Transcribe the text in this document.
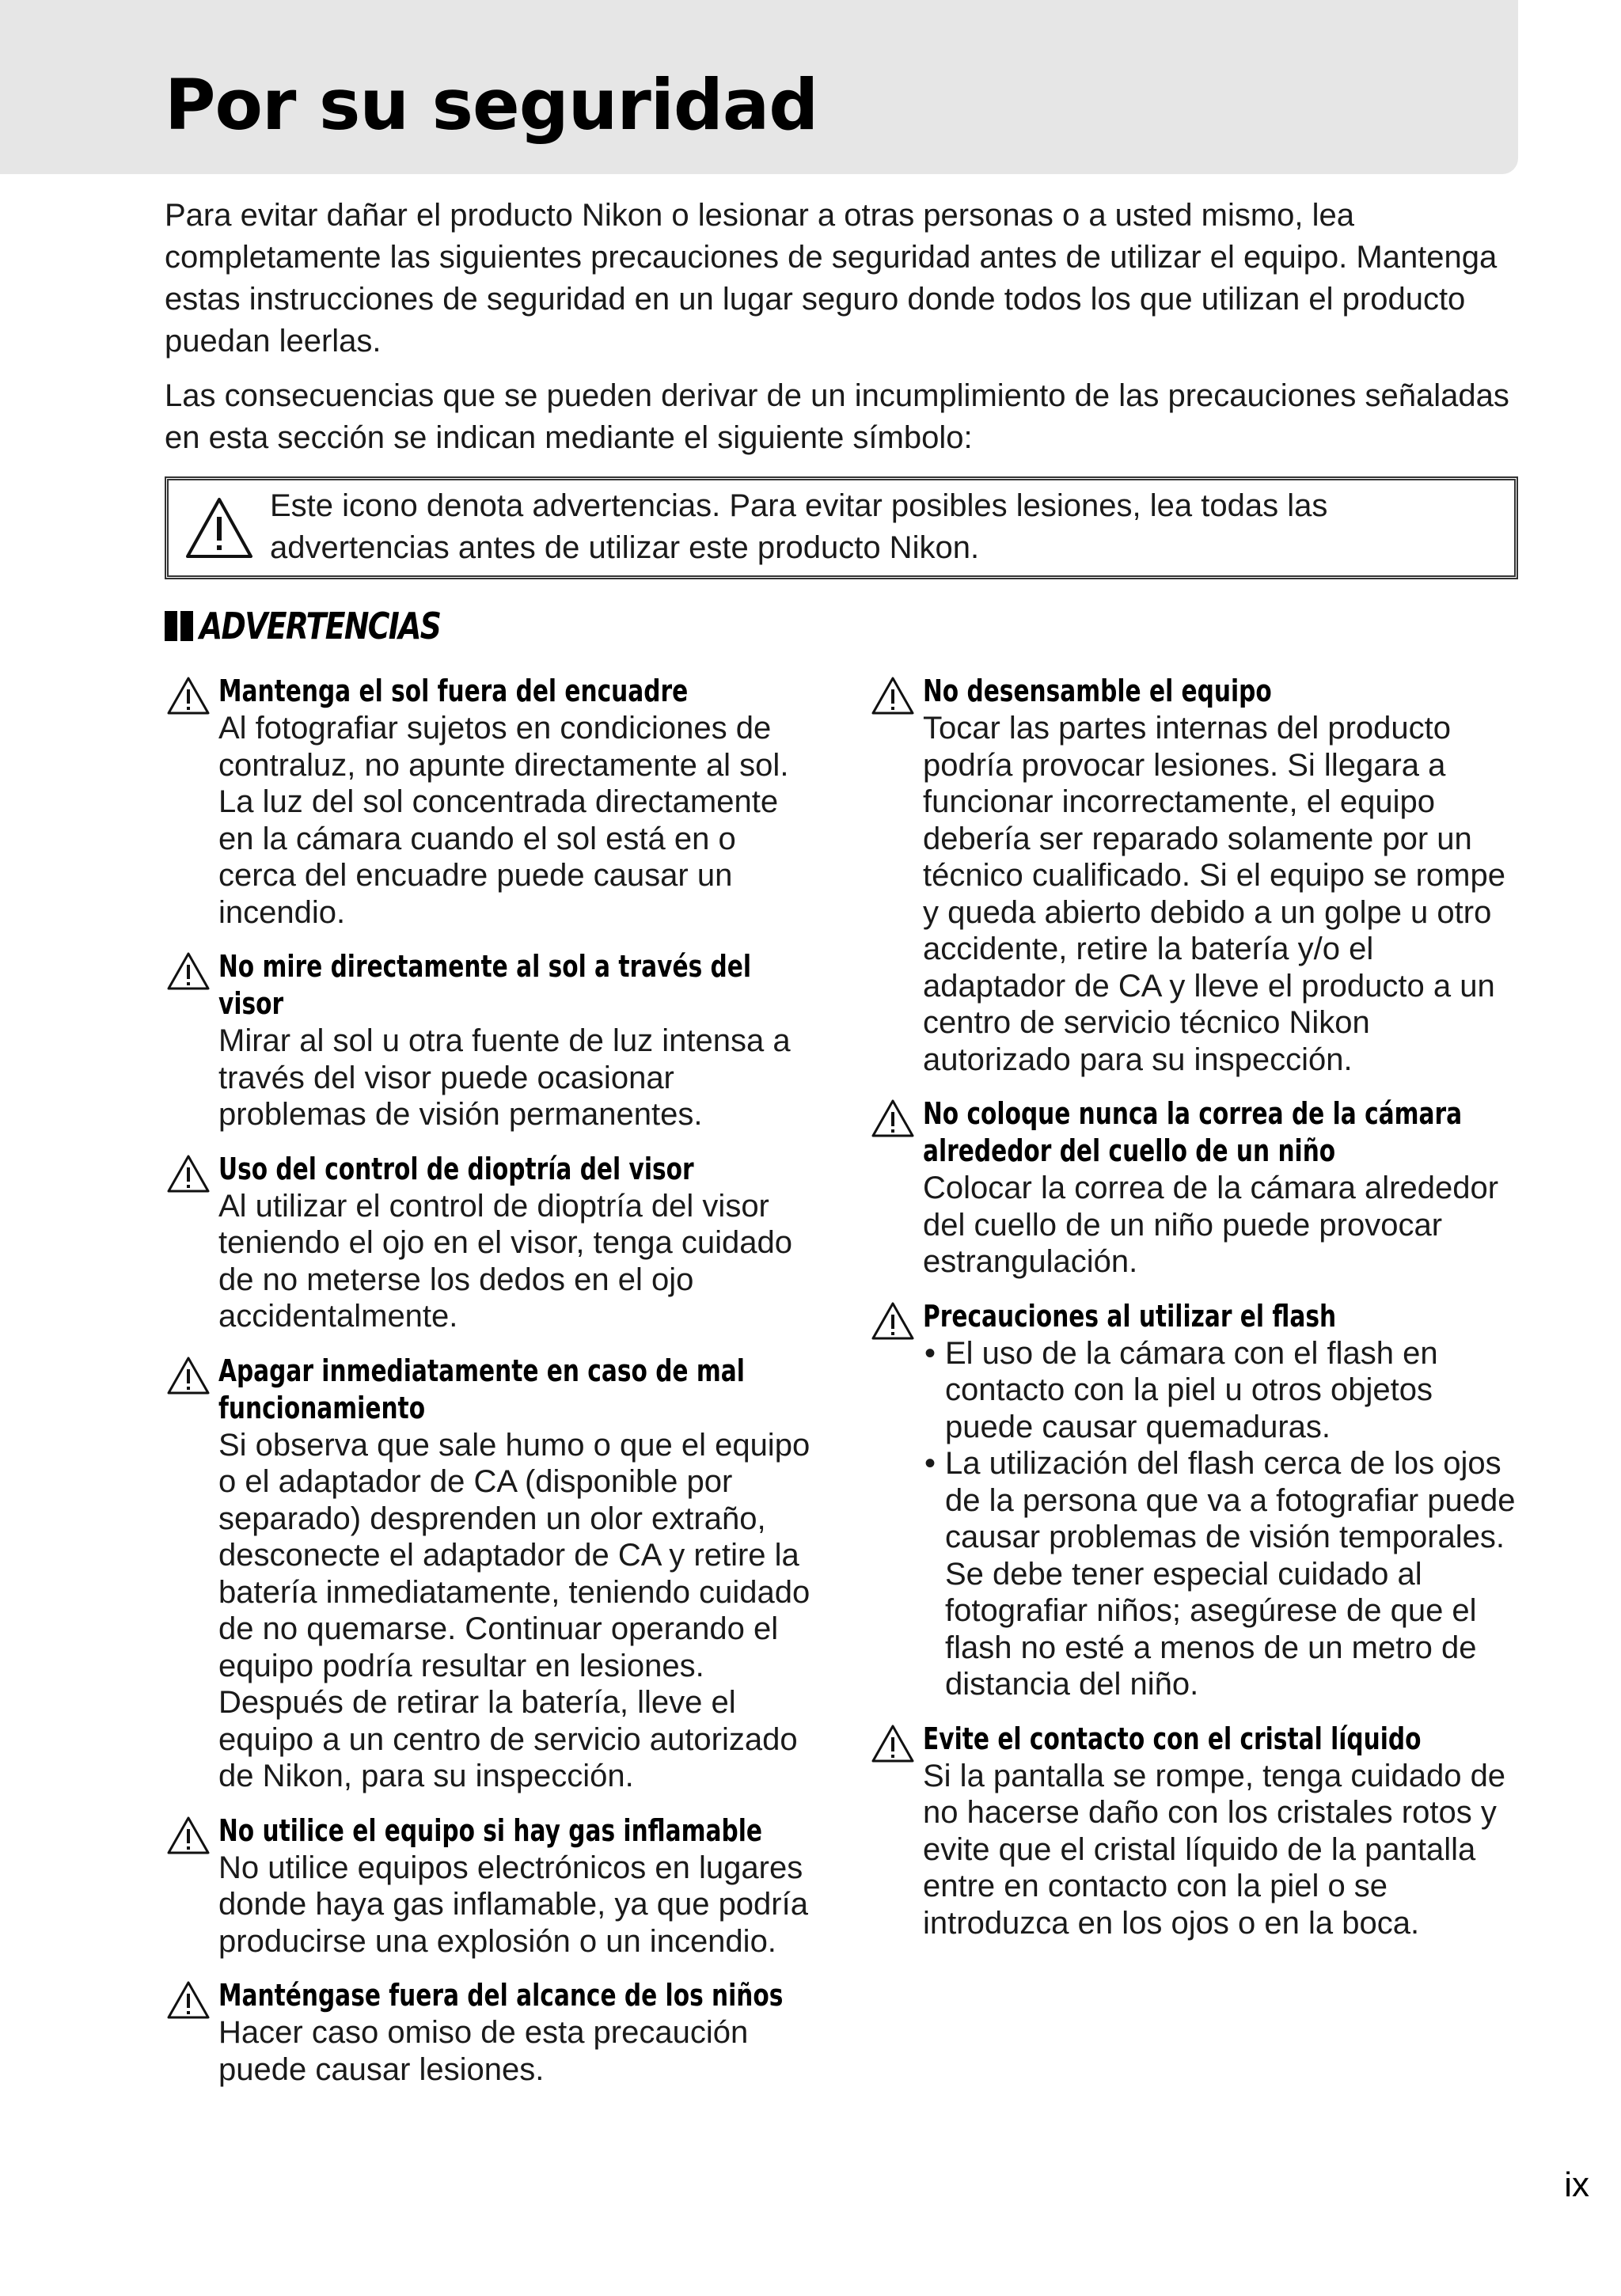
Por su seguridad

Para evitar dañar el producto Nikon o lesionar a otras personas o a usted mismo, lea completamente las siguientes precauciones de seguridad antes de utilizar el equipo. Mantenga estas instrucciones de seguridad en un lugar seguro donde todos los que utilizan el producto puedan leerlas.

Las consecuencias que se pueden derivar de un incumplimiento de las precauciones señaladas en esta sección se indican mediante el siguiente símbolo:

Este icono denota advertencias. Para evitar posibles lesiones, lea todas las advertencias antes de utilizar este producto Nikon.

ADVERTENCIAS
Mantenga el sol fuera del encuadre
Al fotografiar sujetos en condiciones de contraluz, no apunte directamente al sol. La luz del sol concentrada directamente en la cámara cuando el sol está en o cerca del encuadre puede causar un incendio.
No mire directamente al sol a través del visor
Mirar al sol u otra fuente de luz intensa a través del visor puede ocasionar problemas de visión permanentes.
Uso del control de dioptría del visor
Al utilizar el control de dioptría del visor teniendo el ojo en el visor, tenga cuidado de no meterse los dedos en el ojo accidentalmente.
Apagar inmediatamente en caso de mal funcionamiento
Si observa que sale humo o que el equipo o el adaptador de CA (disponible por separado) desprenden un olor extraño, desconecte el adaptador de CA y retire la batería inmediatamente, teniendo cuidado de no quemarse. Continuar operando el equipo podría resultar en lesiones. Después de retirar la batería, lleve el equipo a un centro de servicio autorizado de Nikon, para su inspección.
No utilice el equipo si hay gas inflamable
No utilice equipos electrónicos en lugares donde haya gas inflamable, ya que podría producirse una explosión o un incendio.
Manténgase fuera del alcance de los niños
Hacer caso omiso de esta precaución puede causar lesiones.
No desensamble el equipo
Tocar las partes internas del producto podría provocar lesiones. Si llegara a funcionar incorrectamente, el equipo debería ser reparado solamente por un técnico cualificado. Si el equipo se rompe y queda abierto debido a un golpe u otro accidente, retire la batería y/o el adaptador de CA y lleve el producto a un centro de servicio técnico Nikon autorizado para su inspección.
No coloque nunca la correa de la cámara alrededor del cuello de un niño
Colocar la correa de la cámara alrededor del cuello de un niño puede provocar estrangulación.
Precauciones al utilizar el flash
• El uso de la cámara con el flash en contacto con la piel u otros objetos puede causar quemaduras.
• La utilización del flash cerca de los ojos de la persona que va a fotografiar puede causar problemas de visión temporales. Se debe tener especial cuidado al fotografiar niños; asegúrese de que el flash no esté a menos de un metro de distancia del niño.
Evite el contacto con el cristal líquido
Si la pantalla se rompe, tenga cuidado de no hacerse daño con los cristales rotos y evite que el cristal líquido de la pantalla entre en contacto con la piel o se introduzca en los ojos o en la boca.
ix
